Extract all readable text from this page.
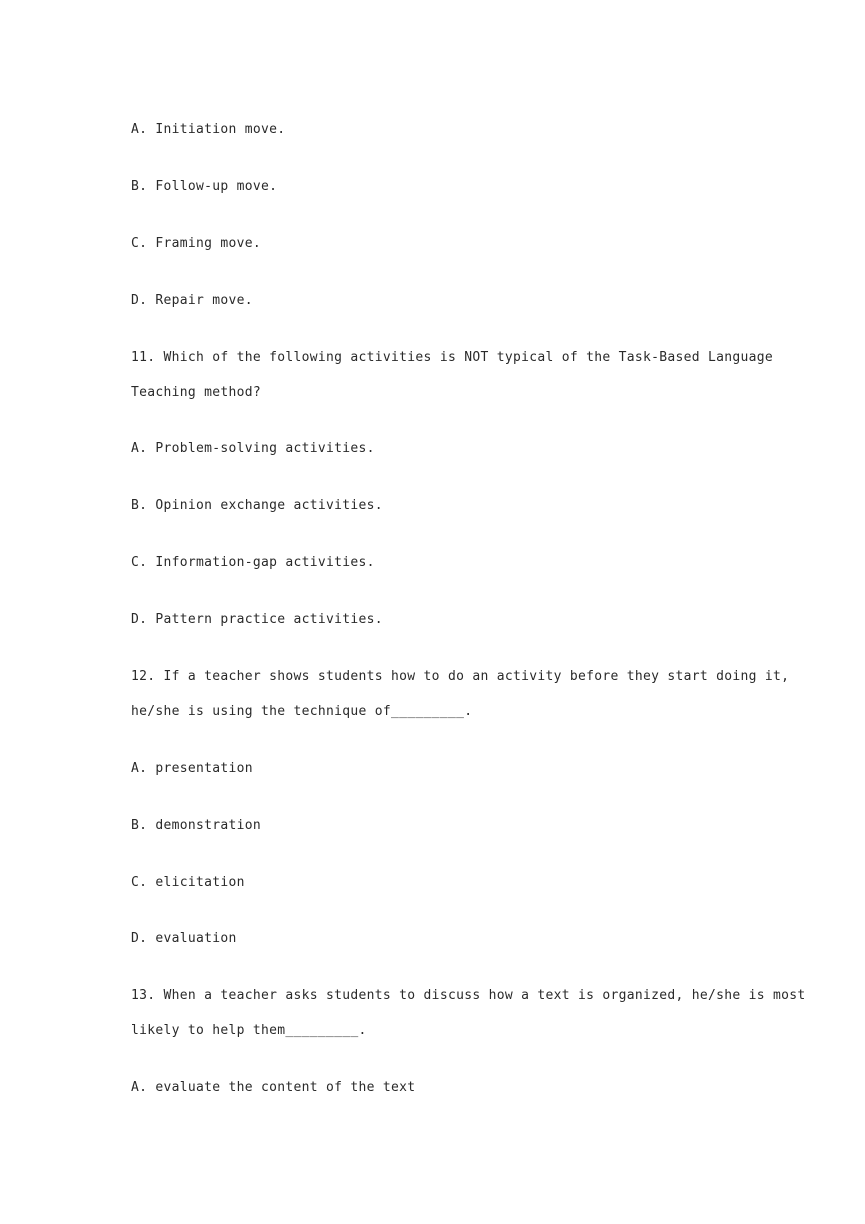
A. Initiation move.
B. Follow-up move.
C. Framing move.
D. Repair move.
11. Which of the following activities is NOT typical of the Task-Based Language
Teaching method?
A. Problem-solving activities.
B. Opinion exchange activities.
C. Information-gap activities.
D. Pattern practice activities.
12. If a teacher shows students how to do an activity before they start doing it,
he/she is using the technique of_________.
A. presentation
B. demonstration
C. elicitation
D. evaluation
13. When a teacher asks students to discuss how a text is organized, he/she is most
likely to help them_________.
A. evaluate the content of the text
